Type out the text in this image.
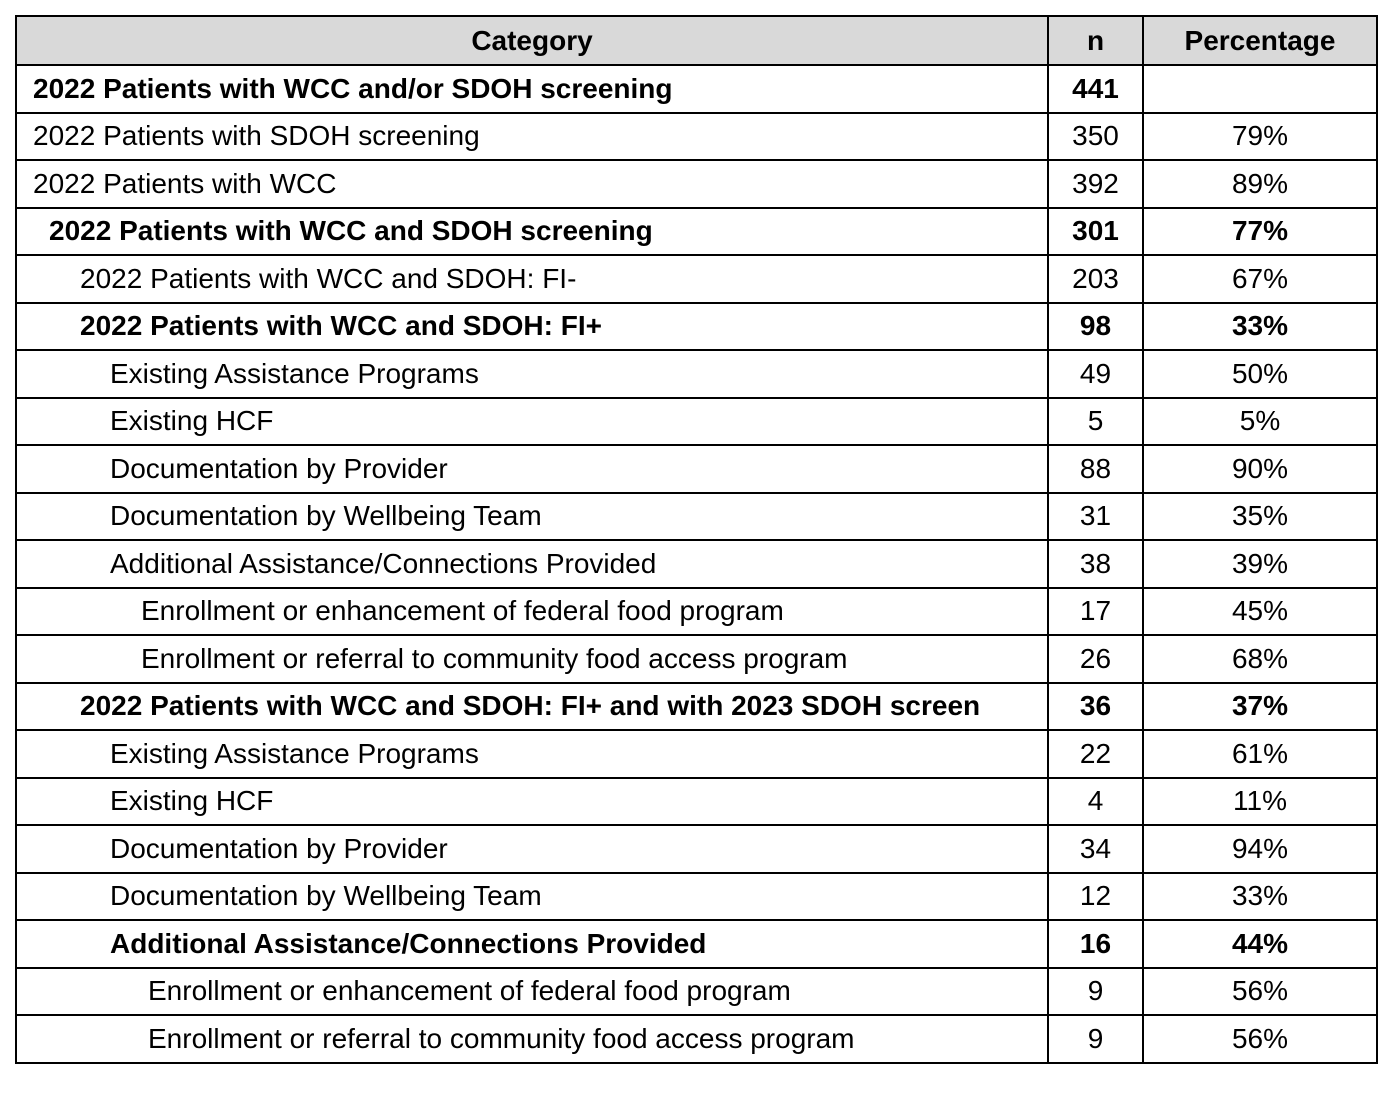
Category	n	Percentage
2022 Patients with WCC and/or SDOH screening	441	
2022 Patients with SDOH screening	350	79%
2022 Patients with WCC	392	89%
2022 Patients with WCC and SDOH screening	301	77%
2022 Patients with WCC and SDOH: FI-	203	67%
2022 Patients with WCC and SDOH: FI+	98	33%
Existing Assistance Programs	49	50%
Existing HCF	5	5%
Documentation by Provider	88	90%
Documentation by Wellbeing Team	31	35%
Additional Assistance/Connections Provided	38	39%
Enrollment or enhancement of federal food program	17	45%
Enrollment or referral to community food access program	26	68%
2022 Patients with WCC and SDOH: FI+ and with 2023 SDOH screen	36	37%
Existing Assistance Programs	22	61%
Existing HCF	4	11%
Documentation by Provider	34	94%
Documentation by Wellbeing Team	12	33%
Additional Assistance/Connections Provided	16	44%
Enrollment or enhancement of federal food program	9	56%
Enrollment or referral to community food access program	9	56%
